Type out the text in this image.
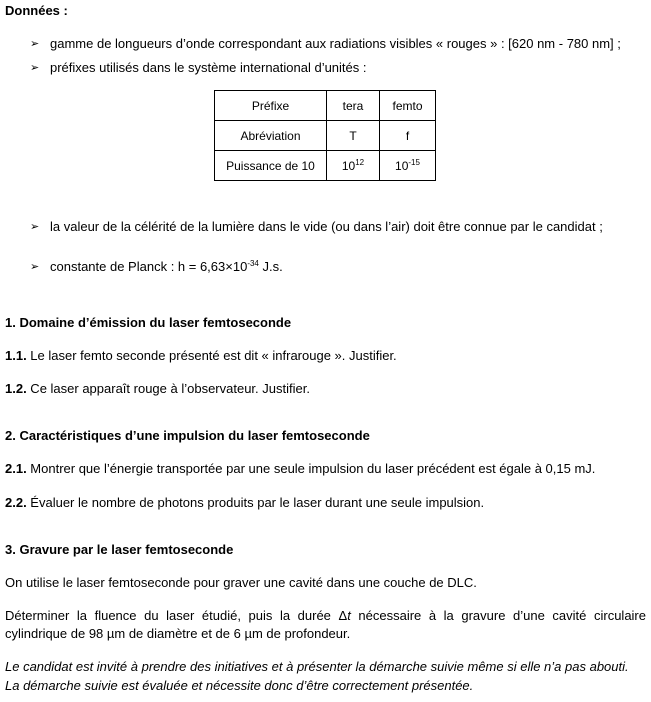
Données :
➢ gamme de longueurs d’onde correspondant aux radiations visibles « rouges » : [620 nm - 780 nm] ;
➢ préfixes utilisés dans le système international d’unités :
Préfixe	tera	femto
Abréviation	T	f
Puissance de 10	$10^{12}$	$10^{-15}$
➢ la valeur de la célérité de la lumière dans le vide (ou dans l’air) doit être connue par le candidat ;
➢ constante de Planck : $h = 6,63\times 10^{-34}$ J.s.
1. Domaine d’émission du laser femtoseconde
1.1. Le laser femto seconde présenté est dit « infrarouge ». Justifier.
1.2. Ce laser apparaît rouge à l’observateur. Justifier.
2. Caractéristiques d’une impulsion du laser femtoseconde
2.1. Montrer que l’énergie transportée par une seule impulsion du laser précédent est égale à 0,15 mJ.
2.2. Évaluer le nombre de photons produits par le laser durant une seule impulsion.
3. Gravure par le laser femtoseconde
On utilise le laser femtoseconde pour graver une cavité dans une couche de DLC.
Déterminer la fluence du laser étudié, puis la durée Δt nécessaire à la gravure d’une cavité circulaire cylindrique de 98 µm de diamètre et de 6 µm de profondeur.
Le candidat est invité à prendre des initiatives et à présenter la démarche suivie même si elle n’a pas abouti.
La démarche suivie est évaluée et nécessite donc d’être correctement présentée.
